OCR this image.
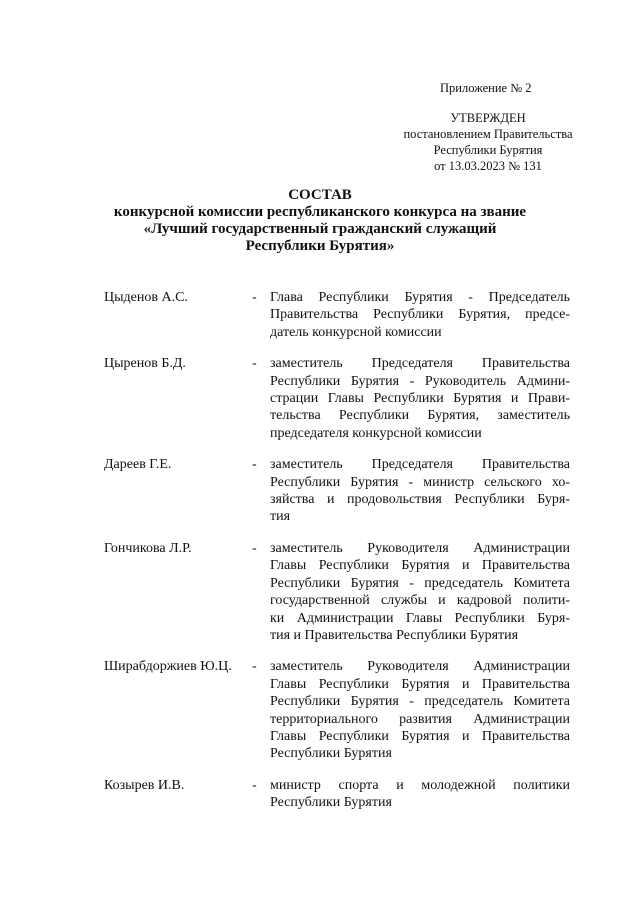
Приложение № 2
УТВЕРЖДЕН
постановлением Правительства
Республики Бурятия
от 13.03.2023 № 131
СОСТАВ
конкурсной комиссии республиканского конкурса на звание
«Лучший государственный гражданский служащий
Республики Бурятия»
Цыденов А.С.	- Глава Республики Бурятия - Председатель
Правительства Республики Бурятия, предсе-
датель конкурсной комиссии
Цыренов Б.Д.	- заместитель Председателя Правительства
Республики Бурятия - Руководитель Админи-
страции Главы Республики Бурятия и Прави-
тельства Республики Бурятия, заместитель
председателя конкурсной комиссии
Дареев Г.Е.	- заместитель Председателя Правительства
Республики Бурятия - министр сельского хо-
зяйства и продовольствия Республики Буря-
тия
Гончикова Л.Р.	- заместитель Руководителя Администрации
Главы Республики Бурятия и Правительства
Республики Бурятия - председатель Комитета
государственной службы и кадровой полити-
ки Администрации Главы Республики Буря-
тия и Правительства Республики Бурятия
Ширабдоржиев Ю.Ц.	- заместитель Руководителя Администрации
Главы Республики Бурятия и Правительства
Республики Бурятия - председатель Комитета
территориального развития Администрации
Главы Республики Бурятия и Правительства
Республики Бурятия
Козырев И.В.	- министр спорта и молодежной политики
Республики Бурятия
